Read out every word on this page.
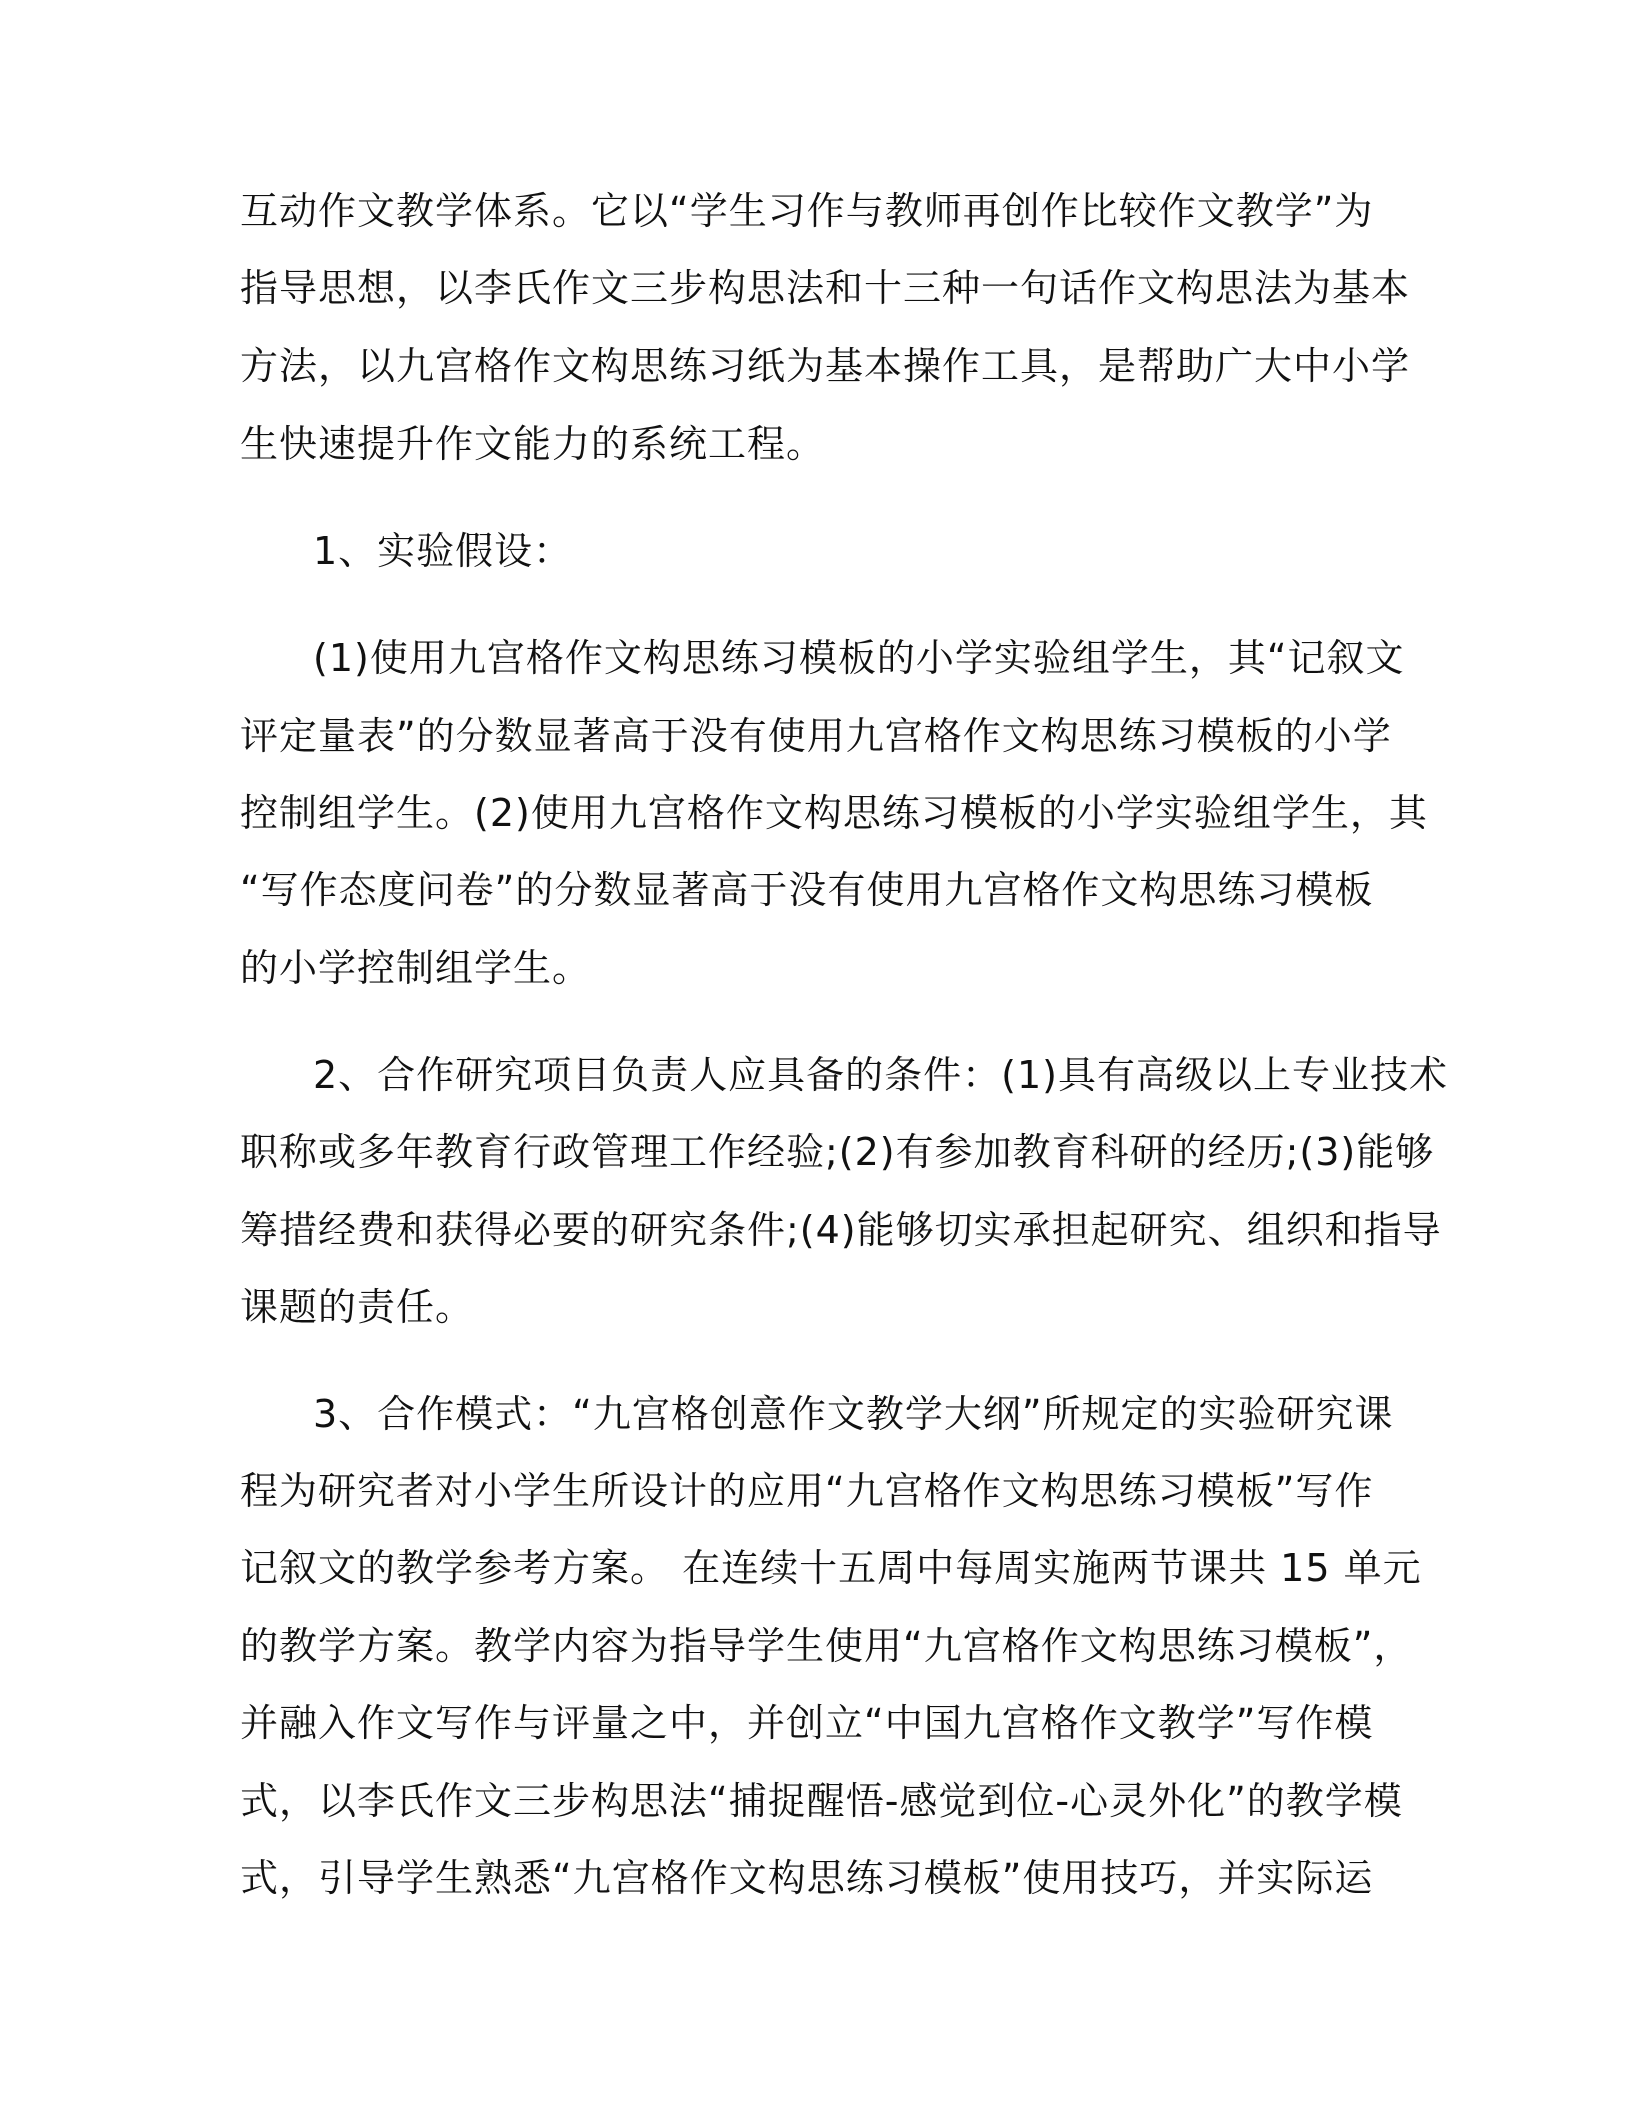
互动作文教学体系。它以“学生习作与教师再创作比较作文教学”为
指导思想，以李氏作文三步构思法和十三种一句话作文构思法为基本
方法，以九宫格作文构思练习纸为基本操作工具，是帮助广大中小学
生快速提升作文能力的系统工程。
1、实验假设：
(1)使用九宫格作文构思练习模板的小学实验组学生，其“记叙文
评定量表”的分数显著高于没有使用九宫格作文构思练习模板的小学
控制组学生。(2)使用九宫格作文构思练习模板的小学实验组学生，其
“写作态度问卷”的分数显著高于没有使用九宫格作文构思练习模板
的小学控制组学生。
2、合作研究项目负责人应具备的条件：(1)具有高级以上专业技术
职称或多年教育行政管理工作经验;(2)有参加教育科研的经历;(3)能够
筹措经费和获得必要的研究条件;(4)能够切实承担起研究、组织和指导
课题的责任。
3、合作模式：“九宫格创意作文教学大纲”所规定的实验研究课
程为研究者对小学生所设计的应用“九宫格作文构思练习模板”写作
记叙文的教学参考方案。 在连续十五周中每周实施两节课共 15 单元
的教学方案。教学内容为指导学生使用“九宫格作文构思练习模板”，
并融入作文写作与评量之中，并创立“中国九宫格作文教学”写作模
式，以李氏作文三步构思法“捕捉醒悟-感觉到位-心灵外化”的教学模
式，引导学生熟悉“九宫格作文构思练习模板”使用技巧，并实际运
